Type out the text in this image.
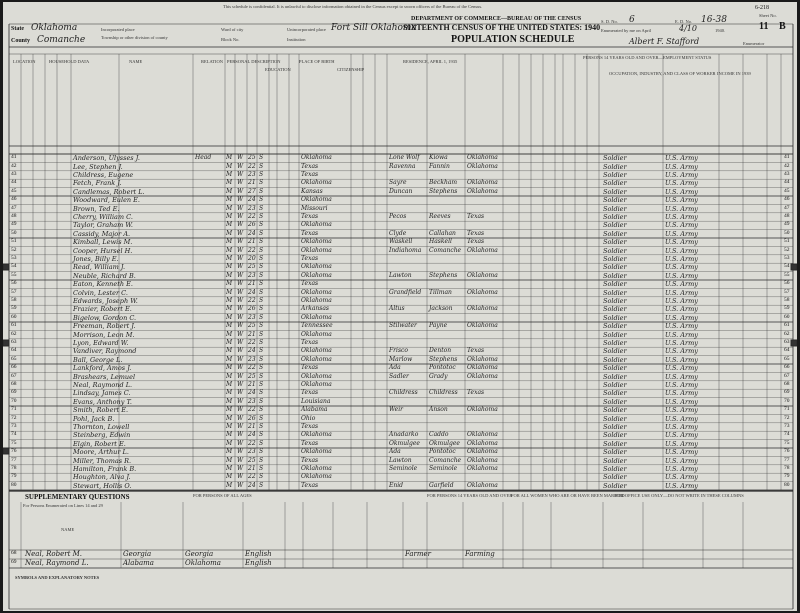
This schedule is confidential. It is unlawful to disclose information obtained in the Census except to sworn officers of the Bureau of the Census.	6-218
State Oklahoma
County Comanche
Incorporated place
Township or other division of county
Ward of city
Block No.
Unincorporated place Fort Sill Oklahoma
Institution
DEPARTMENT OF COMMERCE—BUREAU OF THE CENSUS
SIXTEENTH CENSUS OF THE UNITED STATES: 1940
POPULATION SCHEDULE
S. D. No. 6	E. D. No. 16-38	Sheet No.
11 B
Enumerated by me on April	4/10	1940.
Albert F. Stafford	Enumerator
LOCATION	HOUSEHOLD DATA	NAME	RELATION PERSONAL DESCRIPTION
EDUCATION
PLACE OF BIRTH
CITIZENSHIP
RESIDENCE, APRIL 1, 1935
PERSONS 14 YEARS OLD AND OVER—EMPLOYMENT STATUS
OCCUPATION, INDUSTRY, AND CLASS OF WORKER INCOME IN 1939
41	Anderson, Ulysses J.	Head M W 25 S	Oklahoma	Lone Wolf Kiowa	Oklahoma	Soldier	U.S. Army	41
42	Lee, Stephen J.	M W 22 S	Texas	Ravenna Fannin	Oklahoma	Soldier	U.S. Army	42
43	Childress, Eugene	M W 23 S	Texas	Soldier	U.S. Army	43
44	Fetch, Frank J.	M W 21 S	Oklahoma	Sayre	Beckham Oklahoma	Soldier	U.S. Army	44
45	Candlemas, Robert L.	M W 27 S	Kansas	Duncan	Stephens Oklahoma	Soldier	U.S. Army	45
46	Woodward, Eulen E.	M W 24 S	Oklahoma	Soldier	U.S. Army	46
47	Brown, Ted E.	M W 23 S	Missouri	Soldier	U.S. Army	47
48	Cherry, William C.	M W 22 S	Texas	Pecos	Reeves	Texas	Soldier	U.S. Army	48
49	Taylor, Graham W.	M W 26 S	Oklahoma	Soldier	U.S. Army	49
50	Cassidy, Major A.	M W 24 S	Texas	Clyde	Callahan Texas	Soldier	U.S. Army	50
51	Kimball, Lewis M.	M W 21 S	Oklahoma	Waskell	Haskell	Texas	Soldier	U.S. Army	51
52	Cooper, Hursel H.	M W 22 S	Oklahoma	Indiahoma Comanche Oklahoma	Soldier	U.S. Army	52
53	Jones, Billy E.	M W 20 S	Texas	Soldier	U.S. Army	53
54	Read, William J.	M W 25 S	Oklahoma	Soldier	U.S. Army	54
55	Neuble, Richard B.	M W 23 S	Oklahoma	Lawton	Stephens Oklahoma	Soldier	U.S. Army	55
56	Eaton, Kenneth E.	M W 21 S	Texas	Soldier	U.S. Army	56
57	Colvin, Lester C.	M W 24 S	Oklahoma	Grandfield Tillman	Oklahoma	Soldier	U.S. Army	57
58	Edwards, Joseph W.	M W 22 S	Oklahoma	Soldier	U.S. Army	58
59	Frazier, Robert E.	M W 26 S	Arkansas	Altus	Jackson Oklahoma	Soldier	U.S. Army	59
60	Bigelow, Gordon C.	M W 23 S	Oklahoma	Soldier	U.S. Army	60
61	Freeman, Robert J.	M W 25 S	Tennessee	Stilwater Payne	Oklahoma	Soldier	U.S. Army	61
62	Morrison, Leon M.	M W 21 S	Oklahoma	Soldier	U.S. Army	62
63	Lyon, Edward W.	M W 22 S	Texas	Soldier	U.S. Army	63
64	Vandiver, Raymond	M W 24 S	Oklahoma	Frisco	Denton	Texas	Soldier	U.S. Army	64
65	Ball, George L.	M W 23 S	Oklahoma	Marlow	Stephens Oklahoma	Soldier	U.S. Army	65
66	Lankford, Amos J.	M W 22 S	Texas	Ada	Pontotoc Oklahoma	Soldier	U.S. Army	66
67	Brashears, Lemuel	M W 25 S	Oklahoma	Sadler	Grady	Oklahoma	Soldier	U.S. Army	67
68	Neal, Raymond L.	M W 21 S	Oklahoma	Soldier	U.S. Army	68
69	Lindsay, James C.	M W 24 S	Texas	Childress Childress Texas	Soldier	U.S. Army	69
70	Evans, Anthony T.	M W 23 S	Louisiana	Soldier	U.S. Army	70
71	Smith, Robert E.	M W 22 S	Alabama	Weir	Anson	Oklahoma	Soldier	U.S. Army	71
72	Pohl, Jack B.	M W 26 S	Ohio	Soldier	U.S. Army	72
73	Thornton, Lowell	M W 21 S	Texas	Soldier	U.S. Army	73
74	Steinberg, Edwin	M W 24 S	Oklahoma	Anadarko Caddo	Oklahoma	Soldier	U.S. Army	74
75	Elgin, Robert E.	M W 22 S	Texas	Okmulgee Okmulgee Oklahoma	Soldier	U.S. Army	75
76	Moore, Arthur L.	M W 23 S	Oklahoma	Ada	Pontotoc Oklahoma	Soldier	U.S. Army	76
77	Miller, Thomas R.	M W 25 S	Texas	Lawton	Comanche Oklahoma	Soldier	U.S. Army	77
78	Hamilton, Frank B.	M W 21 S	Oklahoma	Seminole Seminole Oklahoma	Soldier	U.S. Army	78
79	Houghton, Alva J.	M W 22 S	Oklahoma	Soldier	U.S. Army	79
80	Stewart, Hollis O.	M W 24 S	Texas	Enid	Garfield Oklahoma	Soldier	U.S. Army	80
SUPPLEMENTARY QUESTIONS
For Persons Enumerated on Lines 14 and 29
NAME
FOR PERSONS OF ALL AGES	FOR PERSONS 14 YEARS OLD AND OVER
FOR ALL WOMEN WHO ARE OR HAVE BEEN MARRIED
FOR OFFICE USE ONLY—DO NOT WRITE IN THESE COLUMNS
SYMBOLS AND EXPLANATORY NOTES
68 Neal, Robert M.	Georgia	Georgia	English	Farmer	Farming
69 Neal, Raymond L.	Alabama	Oklahoma	English
